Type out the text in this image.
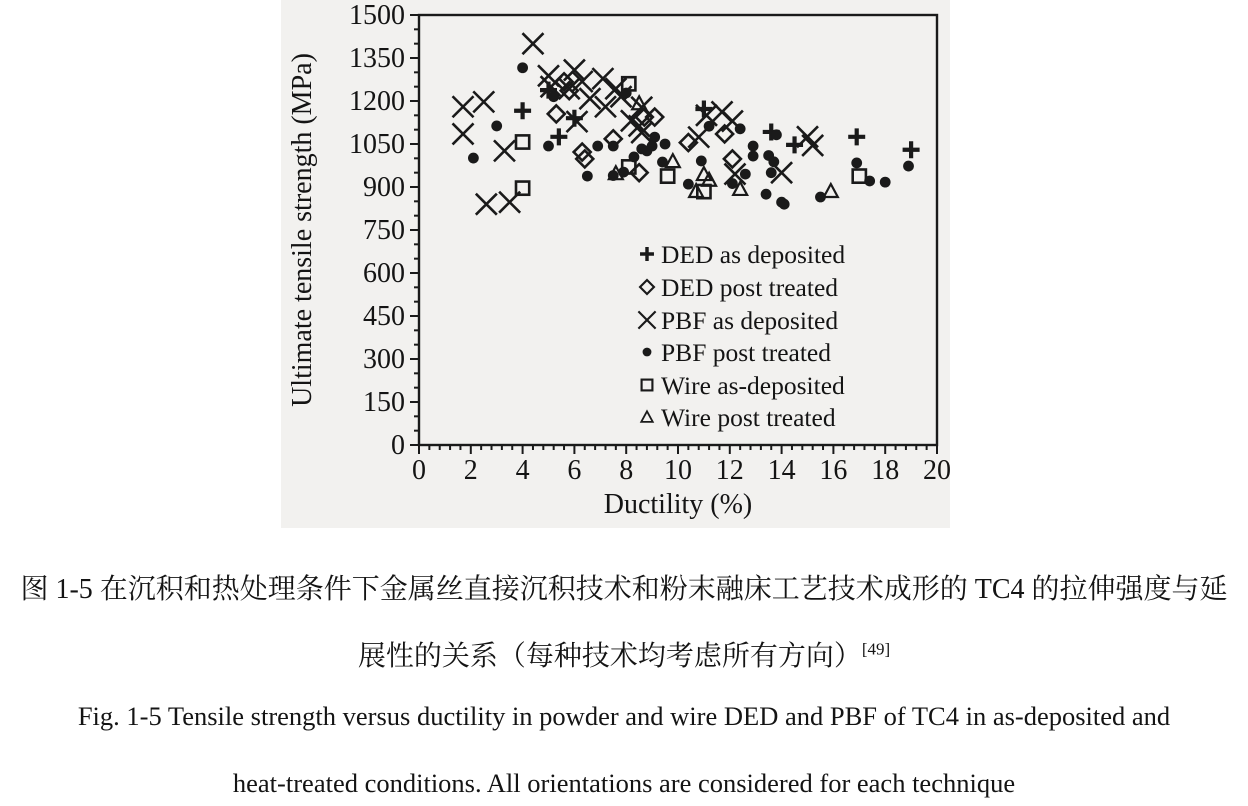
0 2 4 6 8 10 12 14 16 18 20
0
150
300
450
600
750
900
1050
1200
1350
1500
Ductility (%)
Ultimate tensile strength (MPa)	DED as deposited
DED post treated
PBF as deposited
PBF post treated
Wire as-deposited
Wire post treated
图 1-5 在沉积和热处理条件下金属丝直接沉积技术和粉末融床工艺技术成形的 TC4 的拉伸强度与延
展性的关系（每种技术均考虑所有方向）[49]
Fig. 1-5 Tensile strength versus ductility in powder and wire DED and PBF of TC4 in as-deposited and
heat-treated conditions. All orientations are considered for each technique
